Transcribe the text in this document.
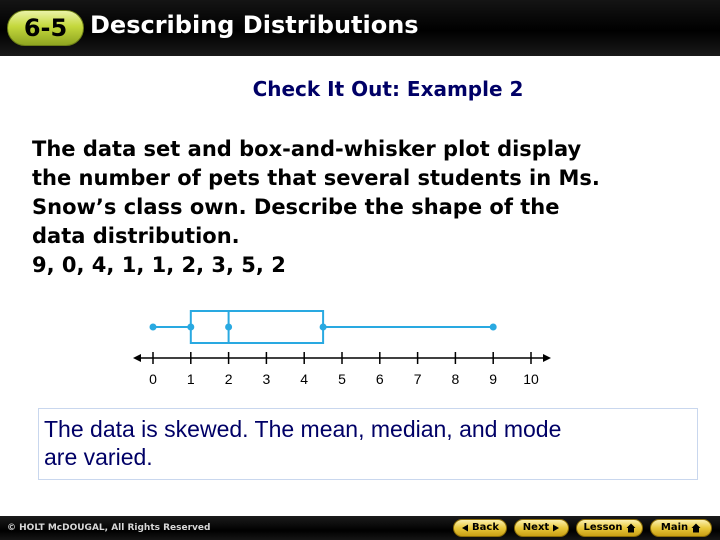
6-5 Describing Distributions
Check It Out: Example 2

The data set and box-and-whisker plot display

the number of pets that several students in Ms.

Snow’s class own. Describe the shape of the

data distribution.

9, 0, 4, 1, 1, 2, 3, 5, 2

0 1 2 3 4 5 6 7 8 9 10
The data is skewed. The mean, median, and mode
are varied.
© HOLT McDOUGAL, All Rights Reserved	Back Next	Lesson	Main
